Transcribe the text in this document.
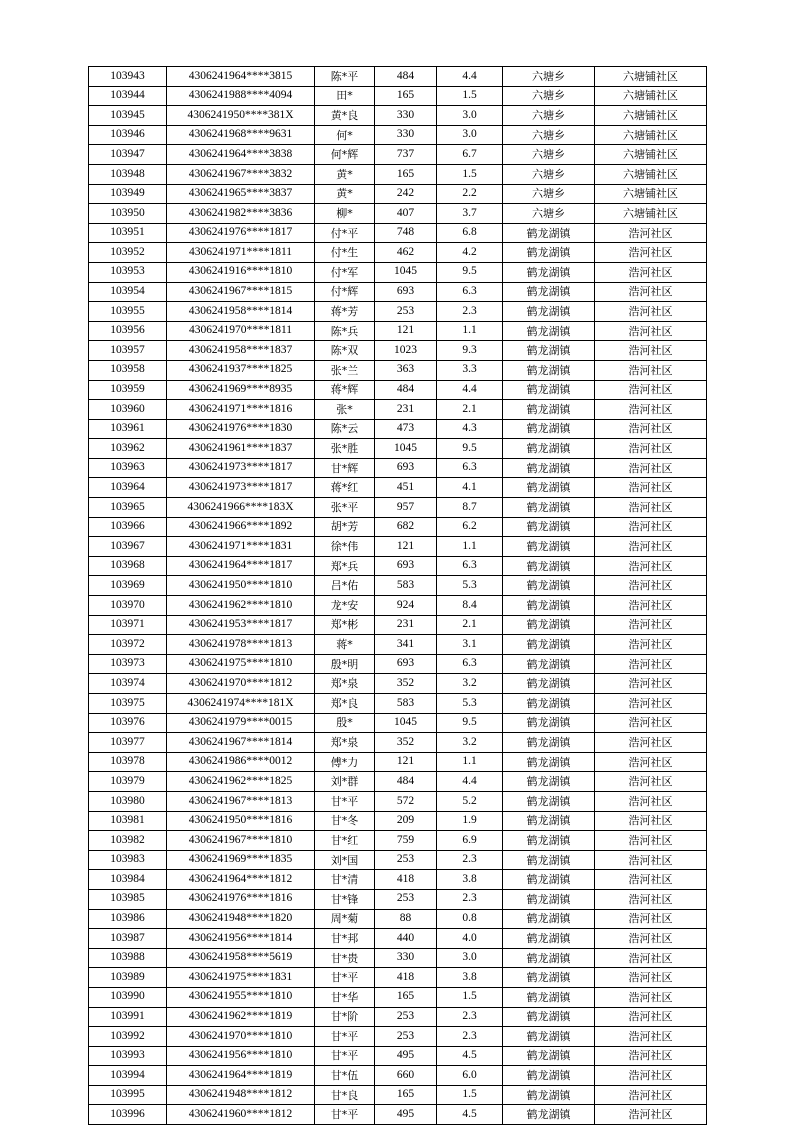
103943	4306241964****3815	陈*平	484	4.4	六塘乡	六塘铺社区
103944	4306241988****4094	田*	165	1.5	六塘乡	六塘铺社区
103945	4306241950****381X	黄*良	330	3.0	六塘乡	六塘铺社区
103946	4306241968****9631	何*	330	3.0	六塘乡	六塘铺社区
103947	4306241964****3838	何*辉	737	6.7	六塘乡	六塘铺社区
103948	4306241967****3832	黄*	165	1.5	六塘乡	六塘铺社区
103949	4306241965****3837	黄*	242	2.2	六塘乡	六塘铺社区
103950	4306241982****3836	柳*	407	3.7	六塘乡	六塘铺社区
103951	4306241976****1817	付*平	748	6.8	鹤龙湖镇	浩河社区
103952	4306241971****1811	付*生	462	4.2	鹤龙湖镇	浩河社区
103953	4306241916****1810	付*军	1045	9.5	鹤龙湖镇	浩河社区
103954	4306241967****1815	付*辉	693	6.3	鹤龙湖镇	浩河社区
103955	4306241958****1814	蒋*芳	253	2.3	鹤龙湖镇	浩河社区
103956	4306241970****1811	陈*兵	121	1.1	鹤龙湖镇	浩河社区
103957	4306241958****1837	陈*双	1023	9.3	鹤龙湖镇	浩河社区
103958	4306241937****1825	张*兰	363	3.3	鹤龙湖镇	浩河社区
103959	4306241969****8935	蒋*辉	484	4.4	鹤龙湖镇	浩河社区
103960	4306241971****1816	张*	231	2.1	鹤龙湖镇	浩河社区
103961	4306241976****1830	陈*云	473	4.3	鹤龙湖镇	浩河社区
103962	4306241961****1837	张*胜	1045	9.5	鹤龙湖镇	浩河社区
103963	4306241973****1817	甘*辉	693	6.3	鹤龙湖镇	浩河社区
103964	4306241973****1817	蒋*红	451	4.1	鹤龙湖镇	浩河社区
103965	4306241966****183X	张*平	957	8.7	鹤龙湖镇	浩河社区
103966	4306241966****1892	胡*芳	682	6.2	鹤龙湖镇	浩河社区
103967	4306241971****1831	徐*伟	121	1.1	鹤龙湖镇	浩河社区
103968	4306241964****1817	郑*兵	693	6.3	鹤龙湖镇	浩河社区
103969	4306241950****1810	吕*佑	583	5.3	鹤龙湖镇	浩河社区
103970	4306241962****1810	龙*安	924	8.4	鹤龙湖镇	浩河社区
103971	4306241953****1817	郑*彬	231	2.1	鹤龙湖镇	浩河社区
103972	4306241978****1813	蒋*	341	3.1	鹤龙湖镇	浩河社区
103973	4306241975****1810	殷*明	693	6.3	鹤龙湖镇	浩河社区
103974	4306241970****1812	郑*泉	352	3.2	鹤龙湖镇	浩河社区
103975	4306241974****181X	郑*良	583	5.3	鹤龙湖镇	浩河社区
103976	4306241979****0015	殷*	1045	9.5	鹤龙湖镇	浩河社区
103977	4306241967****1814	郑*泉	352	3.2	鹤龙湖镇	浩河社区
103978	4306241986****0012	傅*力	121	1.1	鹤龙湖镇	浩河社区
103979	4306241962****1825	刘*群	484	4.4	鹤龙湖镇	浩河社区
103980	4306241967****1813	甘*平	572	5.2	鹤龙湖镇	浩河社区
103981	4306241950****1816	甘*冬	209	1.9	鹤龙湖镇	浩河社区
103982	4306241967****1810	甘*红	759	6.9	鹤龙湖镇	浩河社区
103983	4306241969****1835	刘*国	253	2.3	鹤龙湖镇	浩河社区
103984	4306241964****1812	甘*清	418	3.8	鹤龙湖镇	浩河社区
103985	4306241976****1816	甘*锋	253	2.3	鹤龙湖镇	浩河社区
103986	4306241948****1820	周*菊	88	0.8	鹤龙湖镇	浩河社区
103987	4306241956****1814	甘*邦	440	4.0	鹤龙湖镇	浩河社区
103988	4306241958****5619	甘*贵	330	3.0	鹤龙湖镇	浩河社区
103989	4306241975****1831	甘*平	418	3.8	鹤龙湖镇	浩河社区
103990	4306241955****1810	甘*华	165	1.5	鹤龙湖镇	浩河社区
103991	4306241962****1819	甘*阶	253	2.3	鹤龙湖镇	浩河社区
103992	4306241970****1810	甘*平	253	2.3	鹤龙湖镇	浩河社区
103993	4306241956****1810	甘*平	495	4.5	鹤龙湖镇	浩河社区
103994	4306241964****1819	甘*伍	660	6.0	鹤龙湖镇	浩河社区
103995	4306241948****1812	甘*良	165	1.5	鹤龙湖镇	浩河社区
103996	4306241960****1812	甘*平	495	4.5	鹤龙湖镇	浩河社区
